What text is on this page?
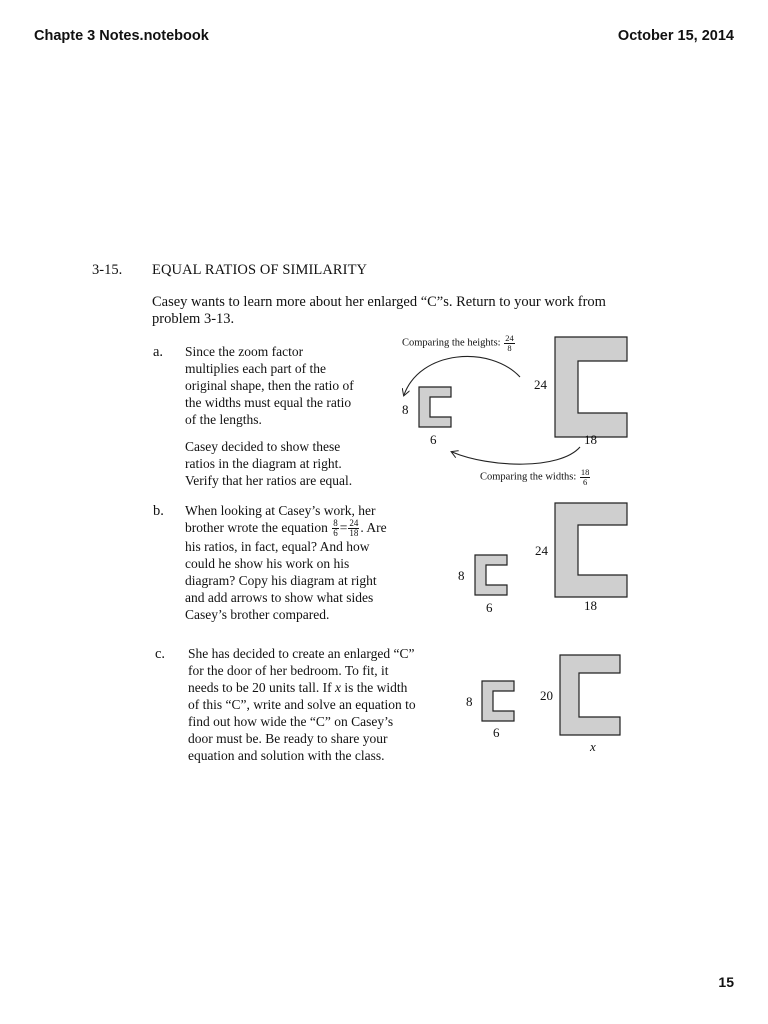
Chapte 3 Notes.notebook	October 15, 2014
15
3-15. EQUAL RATIOS OF SIMILARITY
Casey wants to learn more about her enlarged “C”s. Return to your work from problem 3-13.
a. Since the zoom factor

multiplies each part of the

original shape, then the ratio of

the widths must equal the ratio

of the lengths.

Casey decided to show these

ratios in the diagram at right.

Verify that her ratios are equal.

Comparing the heights: $\frac{24}{8}$
8
6
24
18
Comparing the widths: $\frac{18}{6}$
b. When looking at Casey’s work, her

brother wrote the equation $\frac{8}{6} = \frac{24}{18}$ . Are

his ratios, in fact, equal? And how

could he show his work on his

diagram? Copy his diagram at right

and add arrows to show what sides

Casey’s brother compared.

8
6
24
18
c. She has decided to create an enlarged “C”

for the door of her bedroom. To fit, it

needs to be 20 units tall. If x is the width

of this “C”, write and solve an equation to

find out how wide the “C” on Casey’s

door must be. Be ready to share your

equation and solution with the class.

8
6
20
x
